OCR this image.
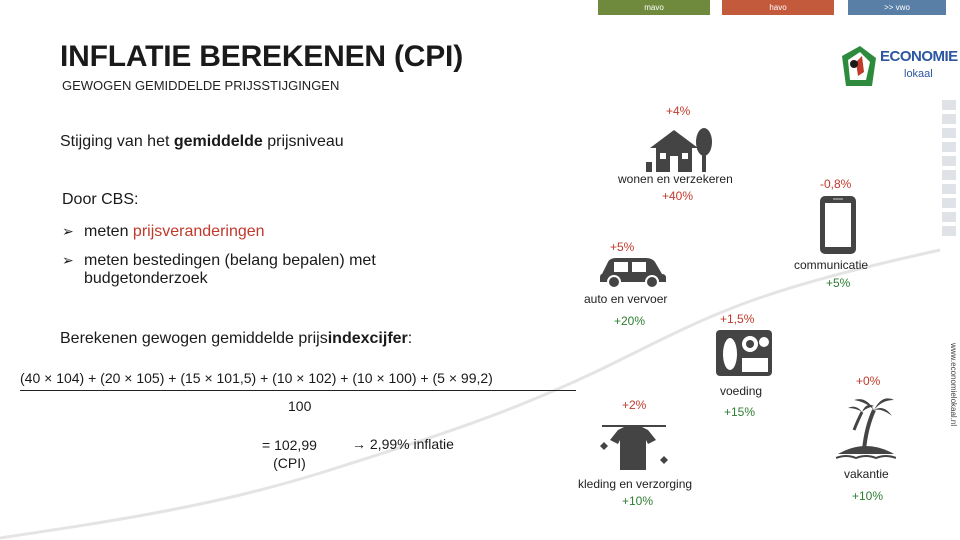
mavo	havo	>> vwo
INFLATIE BEREKENEN (CPI)
GEWOGEN GEMIDDELDE PRIJSSTIJGINGEN
ECONOMIE
lokaal
www.economielokaal.nl
Stijging van het gemiddelde prijsniveau
Door CBS:
➢ meten prijsveranderingen
➢ meten bestedingen (belang bepalen) met
budgetonderzoek
Berekenen gewogen gemiddelde prijsindexcijfer:
(40 × 104) + (20 × 105) + (15 × 101,5) + (10 × 102) + (10 × 100) + (5 × 99,2)
100
= 102,99
(CPI)
→ 2,99% inflatie
+4%
wonen en verzekeren
+40%
-0,8%
communicatie
+5%
+5%
auto en vervoer
+20%	+1,5%
voeding
+15%
+2%
kleding en verzorging
+10%
+0%
vakantie
+10%
